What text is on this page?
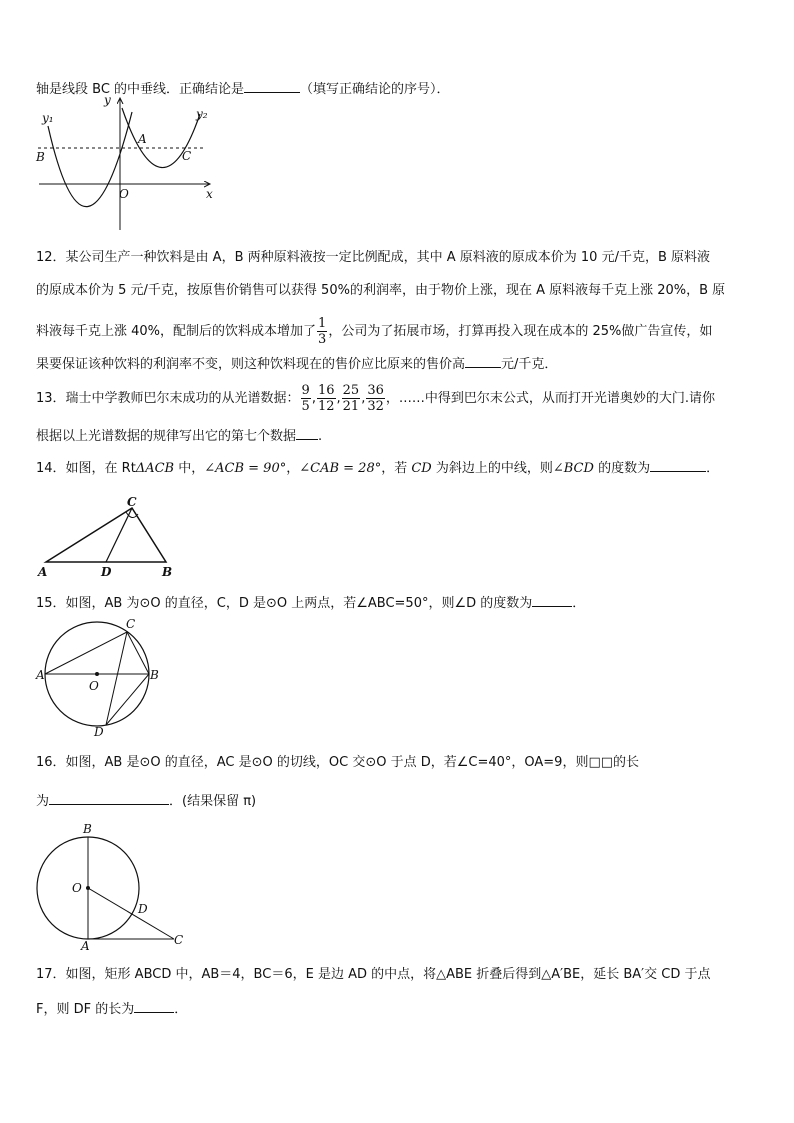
轴是线段 BC 的中垂线．正确结论是	（填写正确结论的序号）．
y
x
O
A
B	C
y₁	y₂
12．某公司生产一种饮料是由 A，B 两种原料液按一定比例配成，其中 A 原料液的原成本价为 10 元/千克，B 原料液
的原成本价为 5 元/千克，按原售价销售可以获得 50%的利润率，由于物价上涨，现在 A 原料液每千克上涨 20%，B 原
料液每千克上涨 40%，配制后的饮料成本增加了 $\frac{1}{3}$ ，公司为了拓展市场，打算再投入现在成本的 25%做广告宣传，如
果要保证该种饮料的利润率不变，则这种饮料现在的售价应比原来的售价高	元/千克．
13．瑞士中学教师巴尔末成功的从光谱数据： $\frac{9}{5}$ , $\frac{16}{12}$ , $\frac{25}{21}$ , $\frac{36}{32}$ ，……中得到巴尔末公式，从而打开光谱奥妙的大门.请你
根据以上光谱数据的规律写出它的第七个数据 .
14．如图，在 RtΔACB 中，∠ACB = 90°，∠CAB = 28°，若 CD 为斜边上的中线，则∠BCD 的度数为	．
A	D	B
C
15．如图，AB 为⊙O 的直径，C，D 是⊙O 上两点，若∠ABC=50°，则∠D 的度数为	．
A	B
C
D
O
16．如图，AB 是⊙O 的直径，AC 是⊙O 的切线，OC 交⊙O 于点 D，若∠C=40°，OA=9，则□□的长
为	．(结果保留 π)
B
O
D
A	C
17．如图，矩形 ABCD 中，AB＝4，BC＝6，E 是边 AD 的中点，将△ABE 折叠后得到△A′BE，延长 BA′交 CD 于点
F，则 DF 的长为	．
